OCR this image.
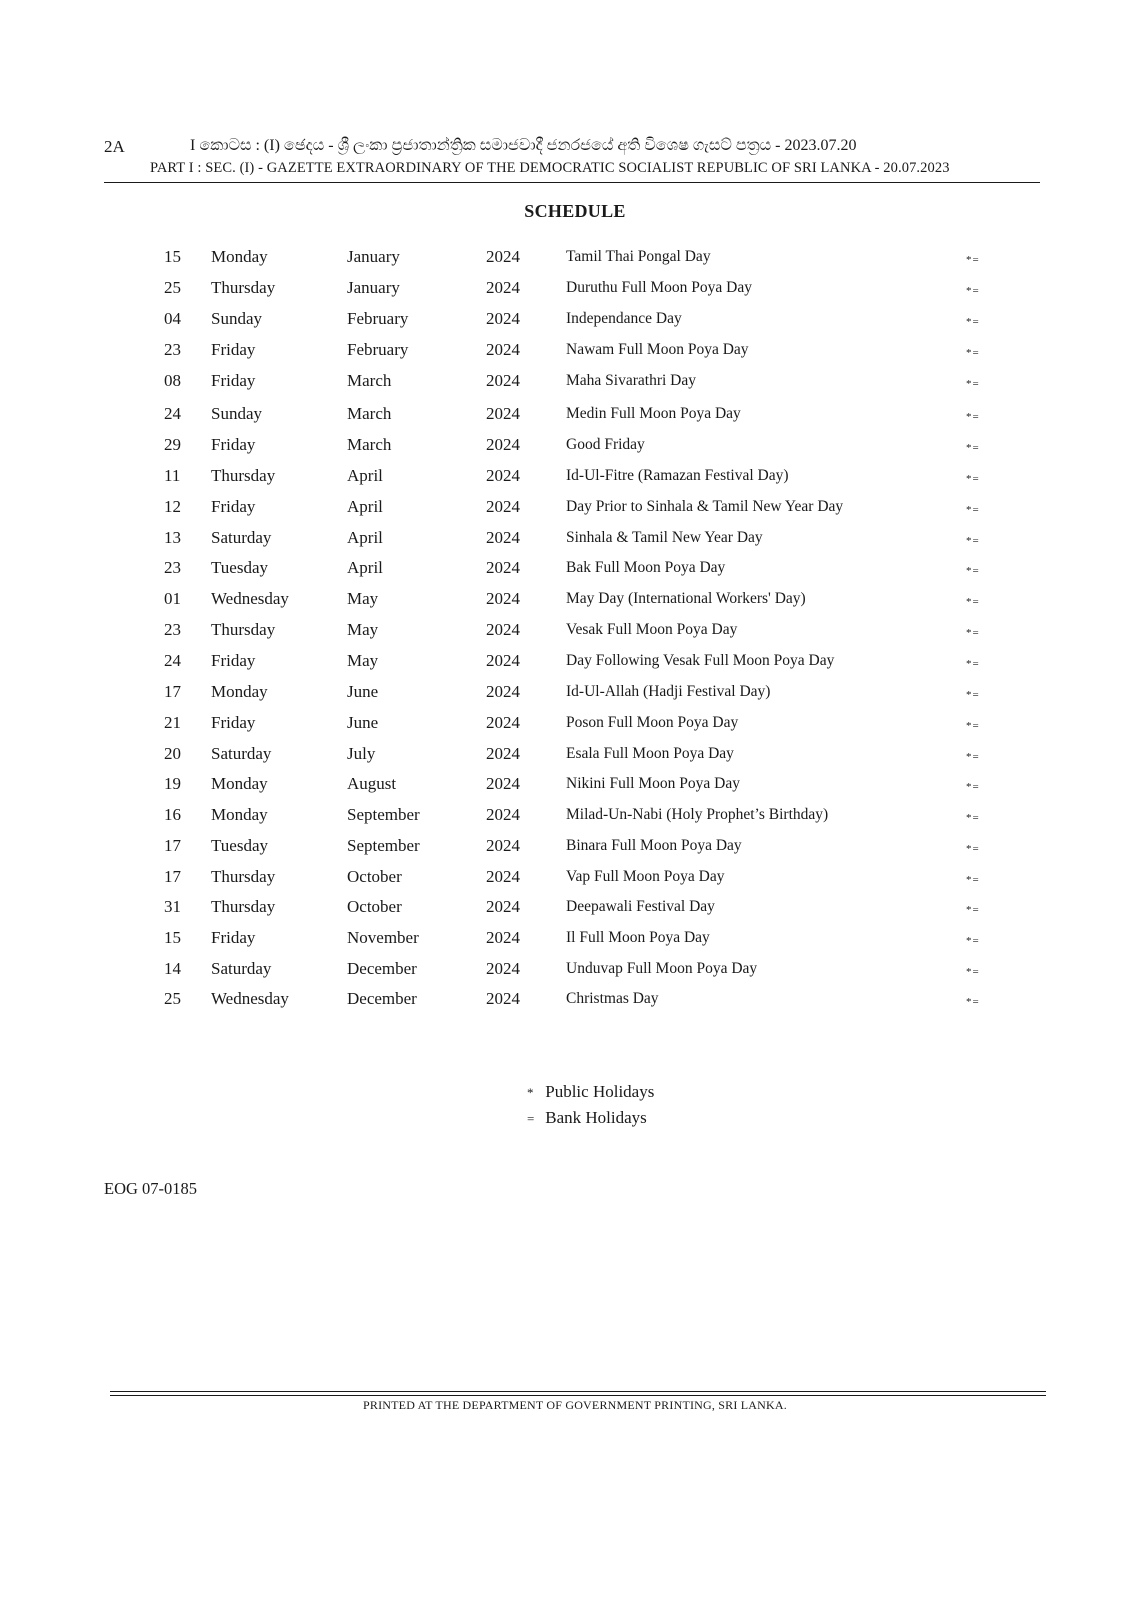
2A	I කොටස : (I) ඡෙදය - ශ්‍රී ලංකා ප්‍රජාතාන්ත්‍රික සමාජවාදී ජනරජයේ අති විශෙෂ ගැසට් පත්‍රය - 2023.07.20
PART I : SEC. (I) - GAZETTE EXTRAORDINARY OF THE DEMOCRATIC SOCIALIST REPUBLIC OF SRI LANKA - 20.07.2023
SCHEDULE
15 Monday	January	2024	Tamil Thai Pongal Day	*=
25 Thursday	January	2024	Duruthu Full Moon Poya Day	*=
04 Sunday	February	2024	Independance Day	*=
23 Friday	February	2024	Nawam Full Moon Poya Day	*=
08 Friday	March	2024	Maha Sivarathri Day	*=
24 Sunday	March	2024	Medin Full Moon Poya Day	*=
29 Friday	March	2024	Good Friday	*=
11 Thursday	April	2024	Id-Ul-Fitre (Ramazan Festival Day)	*=
12 Friday	April	2024	Day Prior to Sinhala & Tamil New Year Day	*=
13 Saturday	April	2024	Sinhala & Tamil New Year Day	*=
23 Tuesday	April	2024	Bak Full Moon Poya Day	*=
01 Wednesday	May	2024	May Day (International Workers' Day)	*=
23 Thursday	May	2024	Vesak Full Moon Poya Day	*=
24 Friday	May	2024	Day Following Vesak Full Moon Poya Day	*=
17 Monday	June	2024	Id-Ul-Allah (Hadji Festival Day)	*=
21 Friday	June	2024	Poson Full Moon Poya Day	*=
20 Saturday	July	2024	Esala Full Moon Poya Day	*=
19 Monday	August	2024	Nikini Full Moon Poya Day	*=
16 Monday	September	2024	Milad-Un-Nabi (Holy Prophet’s Birthday)	*=
17 Tuesday	September	2024	Binara Full Moon Poya Day	*=
17 Thursday	October	2024	Vap Full Moon Poya Day	*=
31 Thursday	October	2024	Deepawali Festival Day	*=
15 Friday	November	2024	Il Full Moon Poya Day	*=
14 Saturday	December	2024	Unduvap Full Moon Poya Day	*=
25 Wednesday	December	2024	Christmas Day	*=
* Public Holidays
= Bank Holidays
EOG 07-0185
PRINTED AT THE DEPARTMENT OF GOVERNMENT PRINTING, SRI LANKA.
